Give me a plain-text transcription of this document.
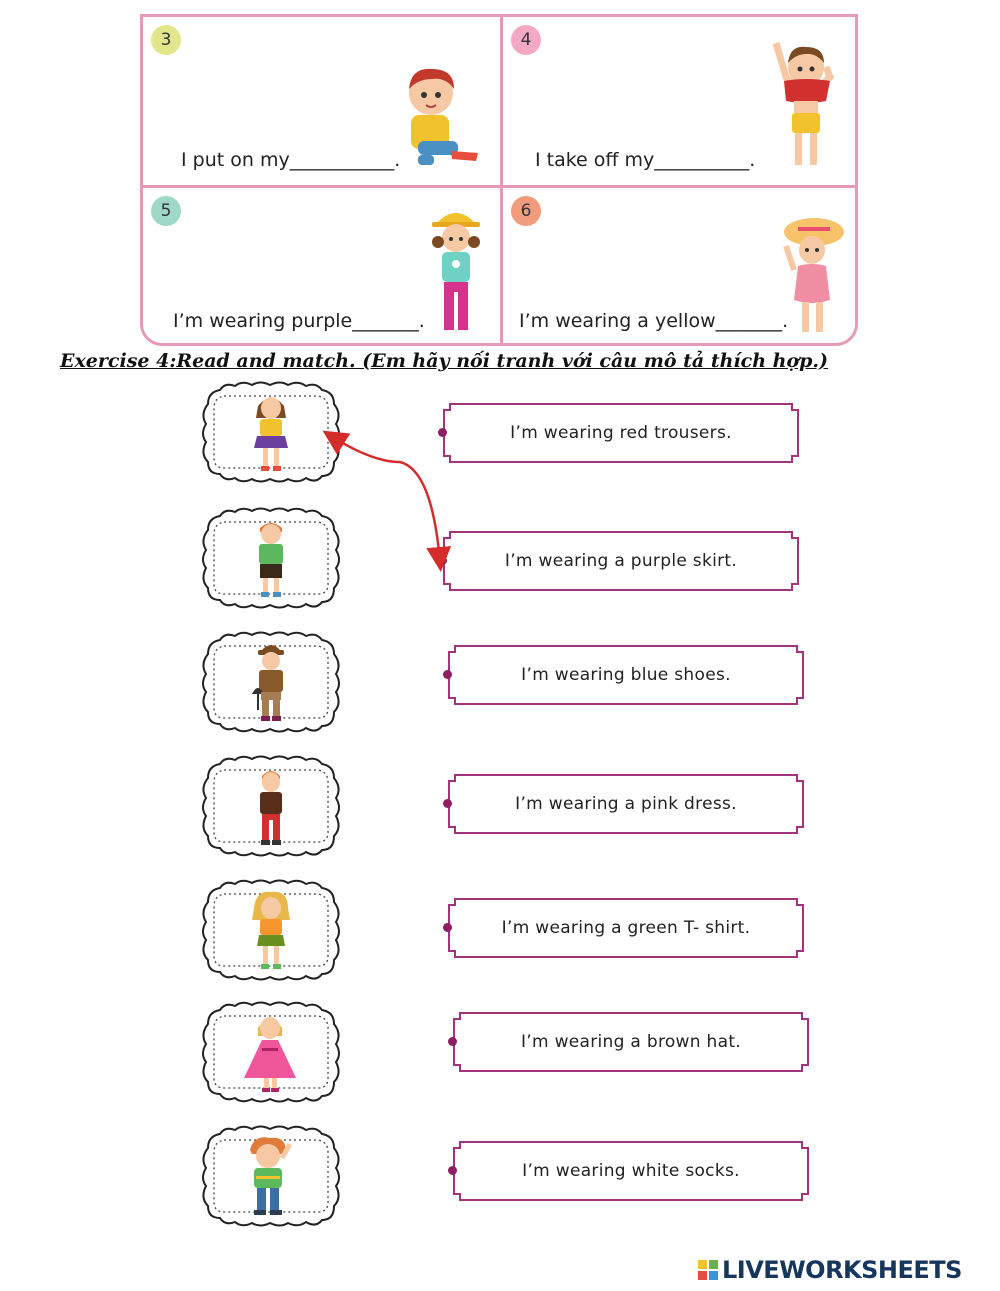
3
I put on my___________.
4
I take off my__________.
5
I’m wearing purple_______.
6
I’m wearing a yellow_______.
Exercise 4:Read and match. (Em hãy nối tranh với câu mô tả thích hợp.)
I’m wearing red trousers.
I’m wearing a purple skirt.
I’m wearing blue shoes.
I’m wearing a pink dress.
I’m wearing a green T- shirt.
I’m wearing a brown hat.
I’m wearing white socks.
LIVEWORKSHEETS
